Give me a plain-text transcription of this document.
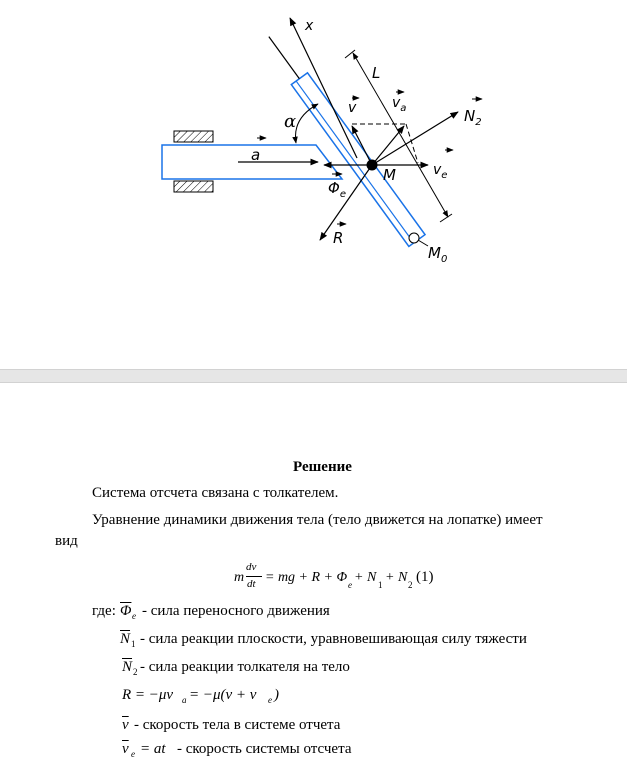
x
L
α
a
v	$v_a$	$N_2$
$v_e$
$\Phi_e$
R
M
$M_0$
Решение
Система отсчета связана с толкателем.
Уравнение динамики движения тела (тело движется на лопатке) имеет
вид
m
dv
dt = mg + R + Φ e + N 1 + N 2 (1)
где: $\overline{\Phi}$ e - сила переносного движения
$\overline{N}$ 1 - сила реакции плоскости, уравновешивающая силу тяжести
$\overline{N}$ 2 - сила реакции толкателя на тело
R = −μv a = −μ(v + v e )
$\overline{v}$ - скорость тела в системе отчета
$\overline{v}$ e = at - скорость системы отсчета
